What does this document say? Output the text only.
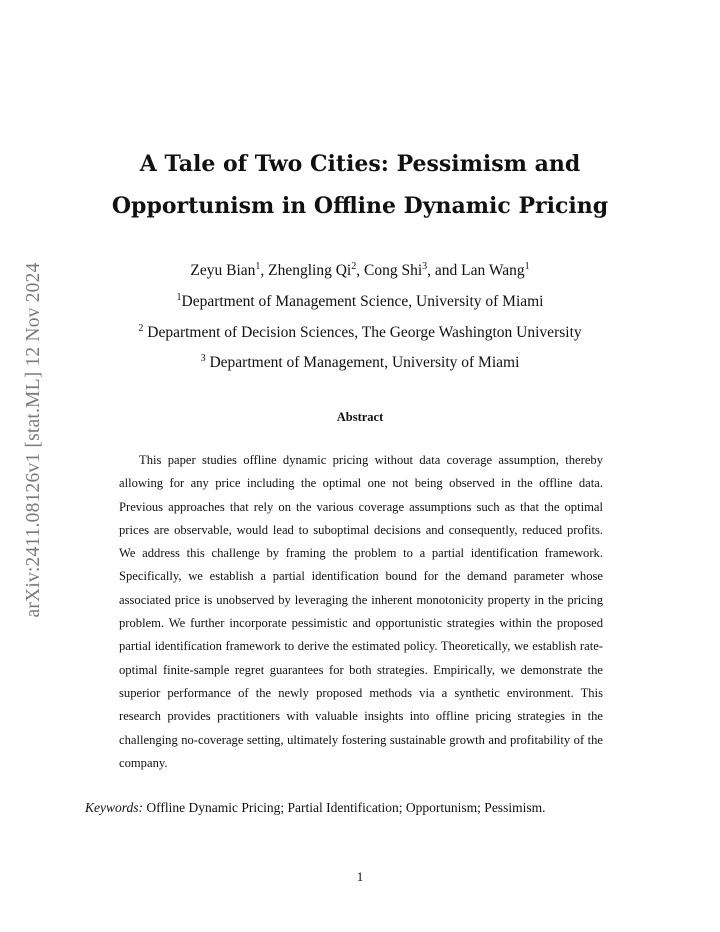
arXiv:2411.08126v1 [stat.ML] 12 Nov 2024
A Tale of Two Cities: Pessimism and
Opportunism in Offline Dynamic Pricing
Zeyu Bian$^1$, Zhengling Qi$^2$, Cong Shi$^3$, and Lan Wang$^1$
$^1$Department of Management Science, University of Miami
$^2$ Department of Decision Sciences, The George Washington University
$^3$ Department of Management, University of Miami
Abstract

This paper studies offline dynamic pricing without data coverage assumption, thereby allowing for any price including the optimal one not being observed in the offline data. Previous approaches that rely on the various coverage assumptions such as that the optimal prices are observable, would lead to suboptimal decisions and consequently, reduced profits. We address this challenge by framing the problem to a partial identification framework. Specifically, we establish a partial identification bound for the demand parameter whose associated price is unobserved by leveraging the inherent monotonicity property in the pricing problem. We further incorporate pessimistic and opportunistic strategies within the proposed partial identification framework to derive the estimated policy. Theoretically, we establish rate-optimal finite-sample regret guarantees for both strategies. Empirically, we demonstrate the superior performance of the newly proposed methods via a synthetic environment. This research provides practitioners with valuable insights into offline pricing strategies in the challenging no-coverage setting, ultimately fostering sustainable growth and profitability of the company.

Keywords: Offline Dynamic Pricing; Partial Identification; Opportunism; Pessimism.
1
